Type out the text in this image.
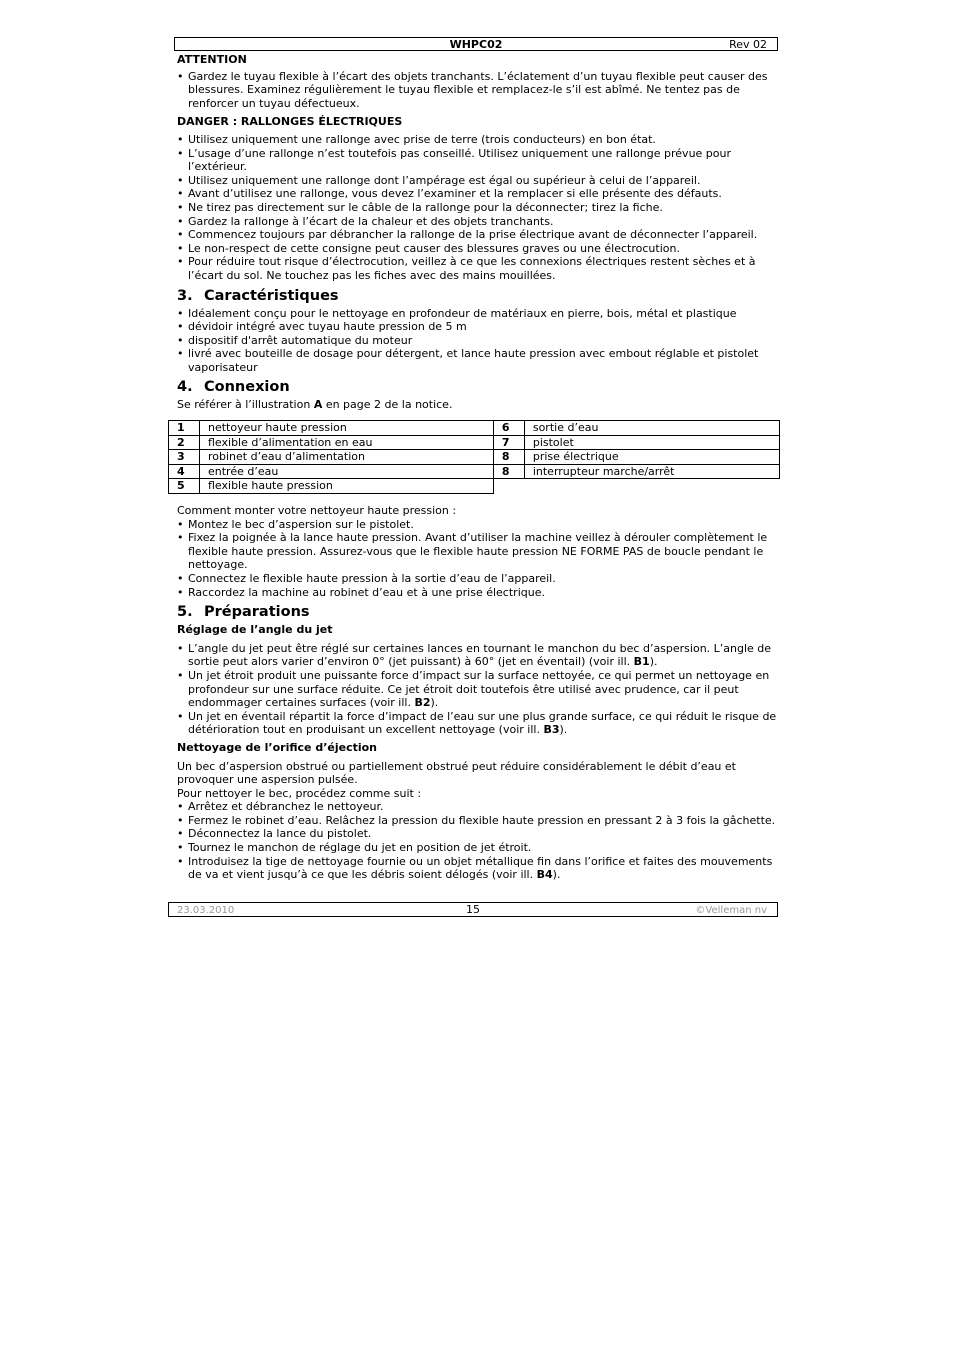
WHPC02	Rev 02

ATTENTION

• Gardez le tuyau flexible à l’écart des objets tranchants. L’éclatement d’un tuyau flexible peut causer des blessures. Examinez régulièrement le tuyau flexible et remplacez-le s’il est abîmé. Ne tentez pas de renforcer un tuyau défectueux.

DANGER : RALLONGES ÉLECTRIQUES

• Utilisez uniquement une rallonge avec prise de terre (trois conducteurs) en bon état.
• L’usage d’une rallonge n’est toutefois pas conseillé. Utilisez uniquement une rallonge prévue pour l’extérieur.
• Utilisez uniquement une rallonge dont l’ampérage est égal ou supérieur à celui de l’appareil.
• Avant d’utilisez une rallonge, vous devez l’examiner et la remplacer si elle présente des défauts.
• Ne tirez pas directement sur le câble de la rallonge pour la déconnecter; tirez la fiche.
• Gardez la rallonge à l’écart de la chaleur et des objets tranchants.
• Commencez toujours par débrancher la rallonge de la prise électrique avant de déconnecter l’appareil.
• Le non-respect de cette consigne peut causer des blessures graves ou une électrocution.
• Pour réduire tout risque d’électrocution, veillez à ce que les connexions électriques restent sèches et à l’écart du sol. Ne touchez pas les fiches avec des mains mouillées.
3. Caractéristiques
• Idéalement conçu pour le nettoyage en profondeur de matériaux en pierre, bois, métal et plastique
• dévidoir intégré avec tuyau haute pression de 5 m
• dispositif d'arrêt automatique du moteur
• livré avec bouteille de dosage pour détergent, et lance haute pression avec embout réglable et pistolet vaporisateur
4. Connexion

Se référer à l’illustration A en page 2 de la notice.

1	nettoyeur haute pression	6	sortie d’eau
2	flexible d’alimentation en eau	7	pistolet
3	robinet d’eau d’alimentation	8	prise électrique
4	entrée d’eau	8	interrupteur marche/arrêt
5	flexible haute pression		

Comment monter votre nettoyeur haute pression :

• Montez le bec d’aspersion sur le pistolet.
• Fixez la poignée à la lance haute pression. Avant d’utiliser la machine veillez à dérouler complètement le flexible haute pression. Assurez-vous que le flexible haute pression NE FORME PAS de boucle pendant le nettoyage.
• Connectez le flexible haute pression à la sortie d’eau de l’appareil.
• Raccordez la machine au robinet d’eau et à une prise électrique.
5. Préparations

Réglage de l’angle du jet

• L’angle du jet peut être réglé sur certaines lances en tournant le manchon du bec d’aspersion. L’angle de sortie peut alors varier d’environ 0° (jet puissant) à 60° (jet en éventail) (voir ill. B1).
• Un jet étroit produit une puissante force d’impact sur la surface nettoyée, ce qui permet un nettoyage en profondeur sur une surface réduite. Ce jet étroit doit toutefois être utilisé avec prudence, car il peut endommager certaines surfaces (voir ill. B2).
• Un jet en éventail répartit la force d’impact de l’eau sur une plus grande surface, ce qui réduit le risque de détérioration tout en produisant un excellent nettoyage (voir ill. B3).

Nettoyage de l’orifice d’éjection

Un bec d’aspersion obstrué ou partiellement obstrué peut réduire considérablement le débit d’eau et provoquer une aspersion pulsée.

Pour nettoyer le bec, procédez comme suit :

• Arrêtez et débranchez le nettoyeur.
• Fermez le robinet d’eau. Relâchez la pression du flexible haute pression en pressant 2 à 3 fois la gâchette.
• Déconnectez la lance du pistolet.
• Tournez le manchon de réglage du jet en position de jet étroit.
• Introduisez la tige de nettoyage fournie ou un objet métallique fin dans l’orifice et faites des mouvements de va et vient jusqu’à ce que les débris soient délogés (voir ill. B4).
23.03.2010	15	©Velleman nv
